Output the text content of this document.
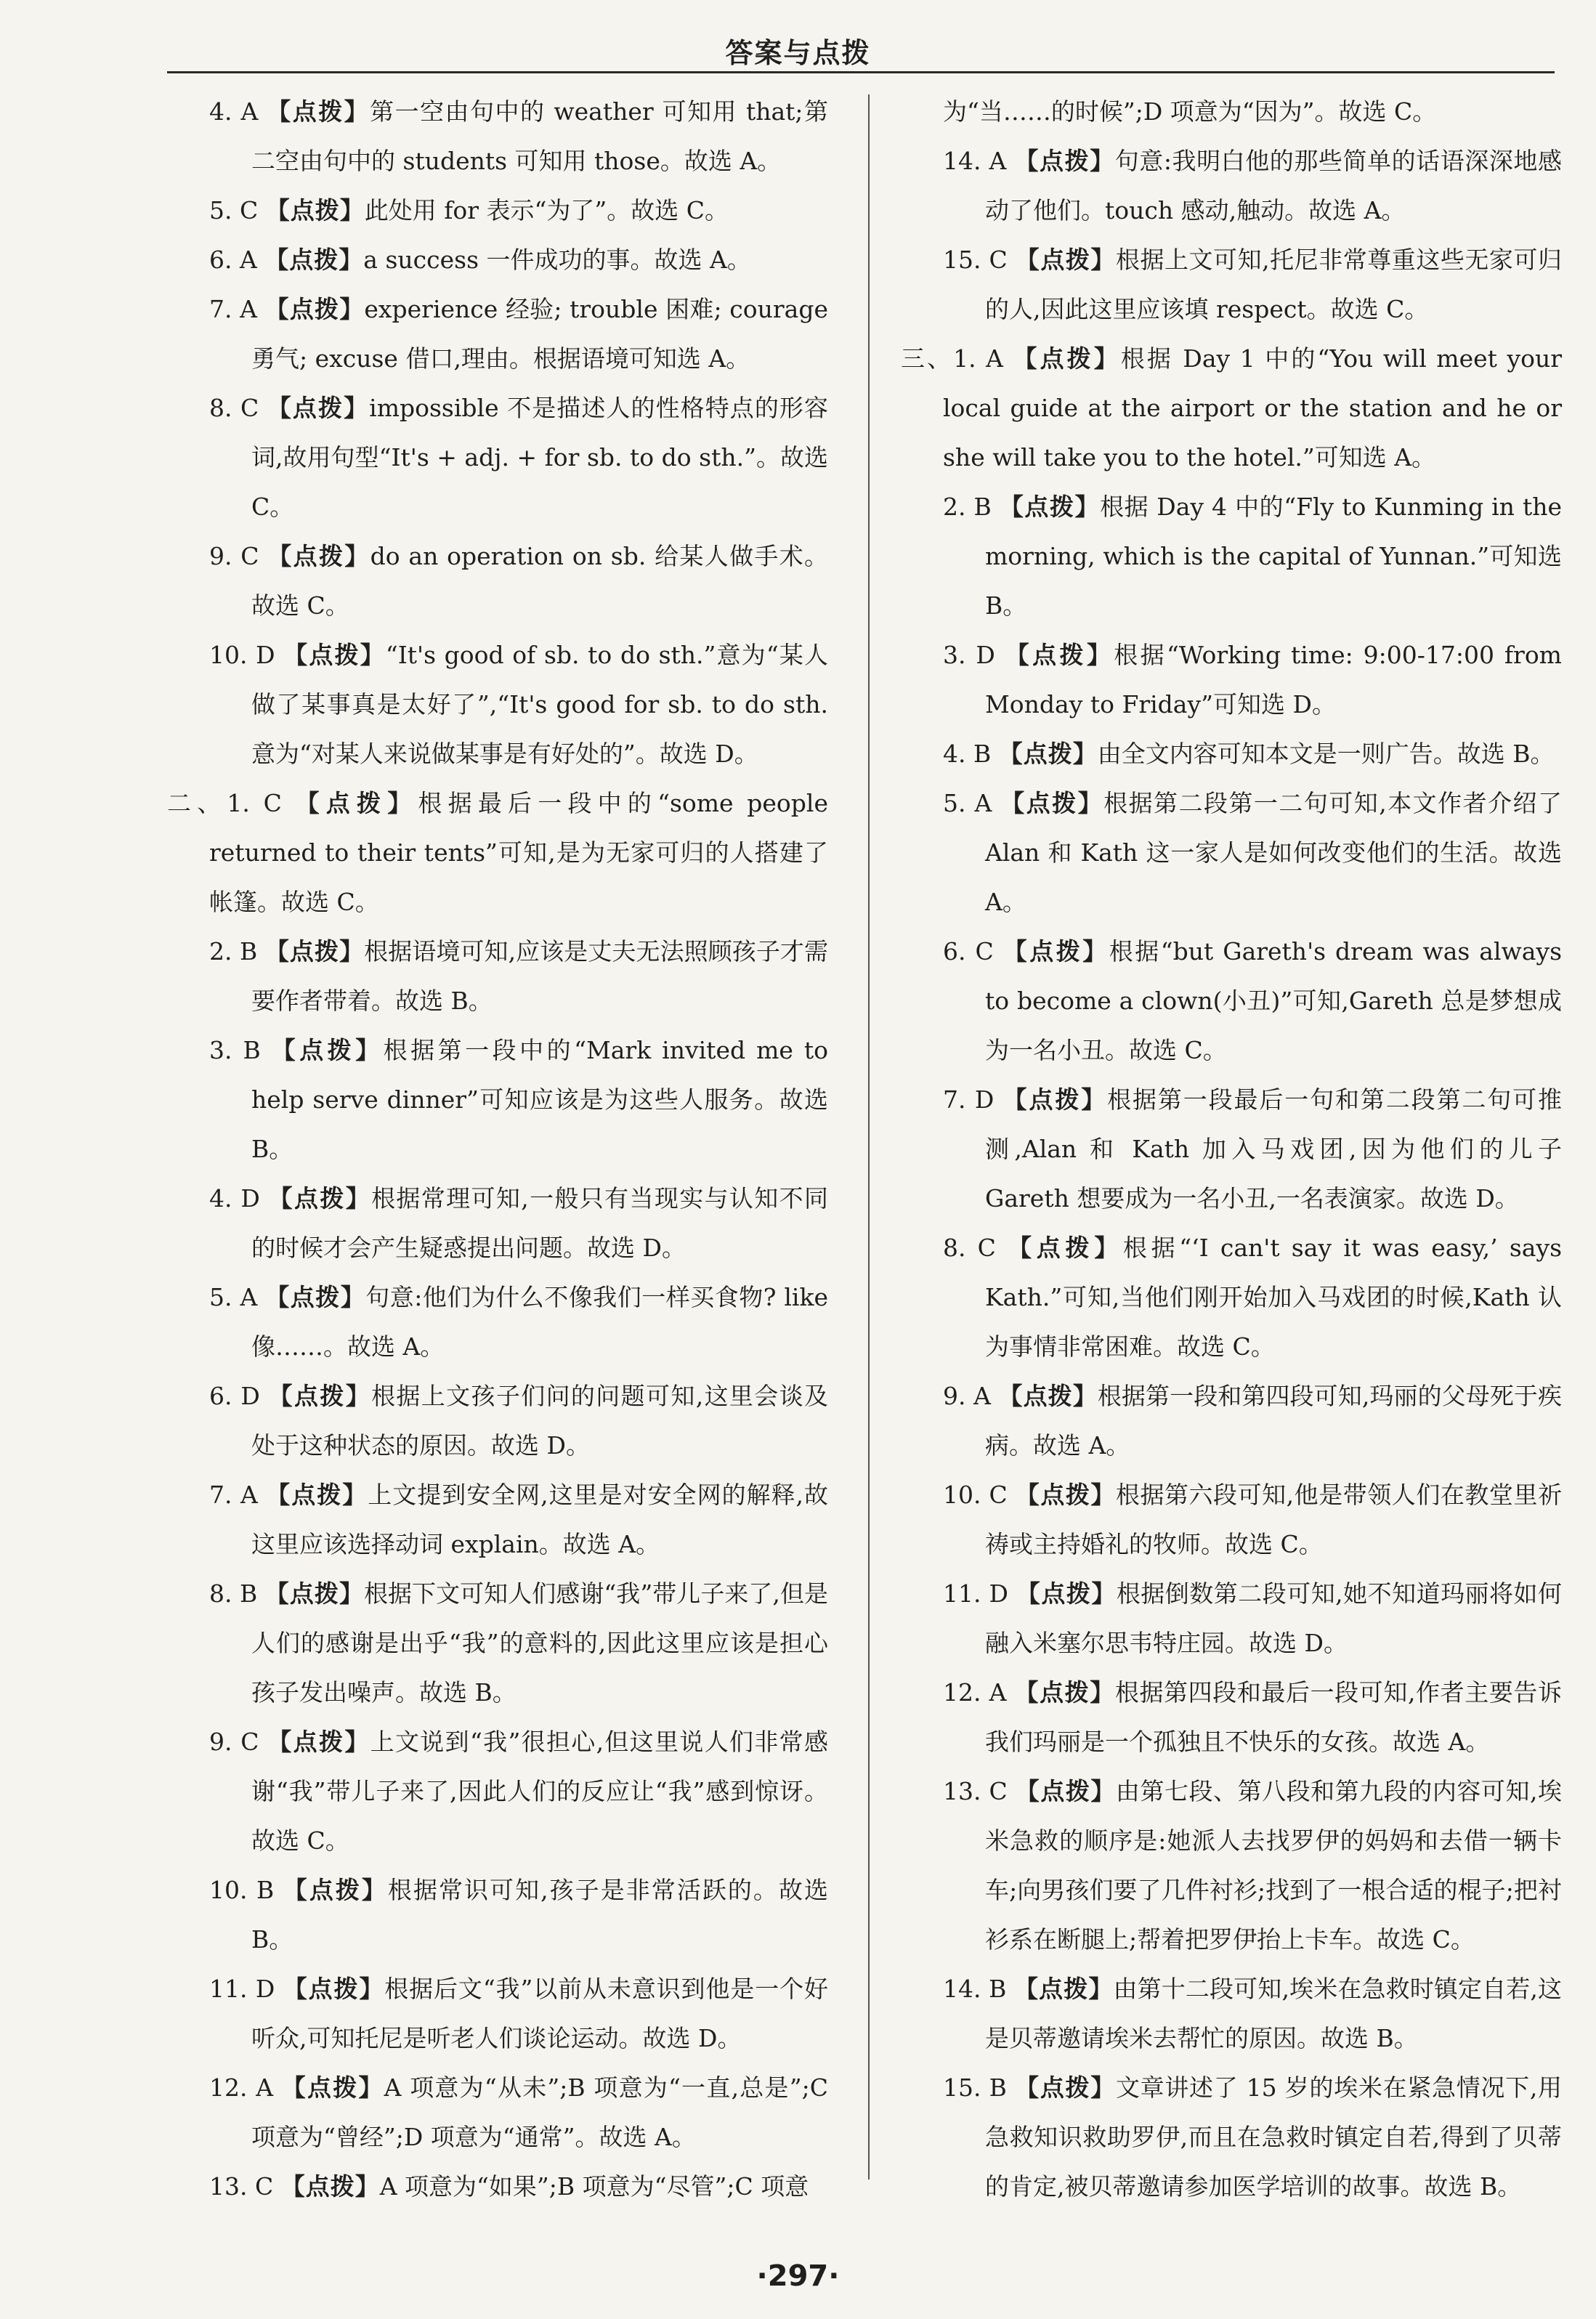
答案与点拨

4. A 【点拨】第一空由句中的 weather 可知用 that;第二空由句中的 students 可知用 those。故选 A。

5. C 【点拨】此处用 for 表示“为了”。故选 C。

6. A 【点拨】a success 一件成功的事。故选 A。

7. A 【点拨】experience 经验; trouble 困难; courage 勇气; excuse 借口,理由。根据语境可知选 A。

8. C 【点拨】impossible 不是描述人的性格特点的形容词,故用句型“It's + adj. + for sb. to do sth.”。故选 C。

9. C 【点拨】do an operation on sb. 给某人做手术。故选 C。

10. D 【点拨】“It's good of sb. to do sth.”意为“某人做了某事真是太好了”,“It's good for sb. to do sth. 意为“对某人来说做某事是有好处的”。故选 D。

二、1. C 【点拨】根据最后一段中的“some people returned to their tents”可知,是为无家可归的人搭建了帐篷。故选 C。

2. B 【点拨】根据语境可知,应该是丈夫无法照顾孩子才需要作者带着。故选 B。

3. B 【点拨】根据第一段中的“Mark invited me to help serve dinner”可知应该是为这些人服务。故选 B。

4. D 【点拨】根据常理可知,一般只有当现实与认知不同的时候才会产生疑惑提出问题。故选 D。

5. A 【点拨】句意:他们为什么不像我们一样买食物? like 像……。故选 A。

6. D 【点拨】根据上文孩子们问的问题可知,这里会谈及处于这种状态的原因。故选 D。

7. A 【点拨】上文提到安全网,这里是对安全网的解释,故这里应该选择动词 explain。故选 A。

8. B 【点拨】根据下文可知人们感谢“我”带儿子来了,但是人们的感谢是出乎“我”的意料的,因此这里应该是担心孩子发出噪声。故选 B。

9. C 【点拨】上文说到“我”很担心,但这里说人们非常感谢“我”带儿子来了,因此人们的反应让“我”感到惊讶。故选 C。

10. B 【点拨】根据常识可知,孩子是非常活跃的。故选 B。

11. D 【点拨】根据后文“我”以前从未意识到他是一个好听众,可知托尼是听老人们谈论运动。故选 D。

12. A 【点拨】A 项意为“从未”;B 项意为“一直,总是”;C 项意为“曾经”;D 项意为“通常”。故选 A。

13. C 【点拨】A 项意为“如果”;B 项意为“尽管”;C 项意

为“当……的时候”;D 项意为“因为”。故选 C。

14. A 【点拨】句意:我明白他的那些简单的话语深深地感动了他们。touch 感动,触动。故选 A。

15. C 【点拨】根据上文可知,托尼非常尊重这些无家可归的人,因此这里应该填 respect。故选 C。

三、1. A 【点拨】根据 Day 1 中的“You will meet your local guide at the airport or the station and he or she will take you to the hotel.”可知选 A。

2. B 【点拨】根据 Day 4 中的“Fly to Kunming in the morning, which is the capital of Yunnan.”可知选 B。

3. D 【点拨】根据“Working time: 9:00-17:00 from Monday to Friday”可知选 D。

4. B 【点拨】由全文内容可知本文是一则广告。故选 B。

5. A 【点拨】根据第二段第一二句可知,本文作者介绍了 Alan 和 Kath 这一家人是如何改变他们的生活。故选 A。

6. C 【点拨】根据“but Gareth's dream was always to become a clown(小丑)”可知,Gareth 总是梦想成为一名小丑。故选 C。

7. D 【点拨】根据第一段最后一句和第二段第二句可推测,Alan 和 Kath 加入马戏团,因为他们的儿子 Gareth 想要成为一名小丑,一名表演家。故选 D。

8. C 【点拨】根据“‘I can't say it was easy,’ says Kath.”可知,当他们刚开始加入马戏团的时候,Kath 认为事情非常困难。故选 C。

9. A 【点拨】根据第一段和第四段可知,玛丽的父母死于疾病。故选 A。

10. C 【点拨】根据第六段可知,他是带领人们在教堂里祈祷或主持婚礼的牧师。故选 C。

11. D 【点拨】根据倒数第二段可知,她不知道玛丽将如何融入米塞尔思韦特庄园。故选 D。

12. A 【点拨】根据第四段和最后一段可知,作者主要告诉我们玛丽是一个孤独且不快乐的女孩。故选 A。

13. C 【点拨】由第七段、第八段和第九段的内容可知,埃米急救的顺序是:她派人去找罗伊的妈妈和去借一辆卡车;向男孩们要了几件衬衫;找到了一根合适的棍子;把衬衫系在断腿上;帮着把罗伊抬上卡车。故选 C。

14. B 【点拨】由第十二段可知,埃米在急救时镇定自若,这是贝蒂邀请埃米去帮忙的原因。故选 B。

15. B 【点拨】文章讲述了 15 岁的埃米在紧急情况下,用急救知识救助罗伊,而且在急救时镇定自若,得到了贝蒂的肯定,被贝蒂邀请参加医学培训的故事。故选 B。

·297·
